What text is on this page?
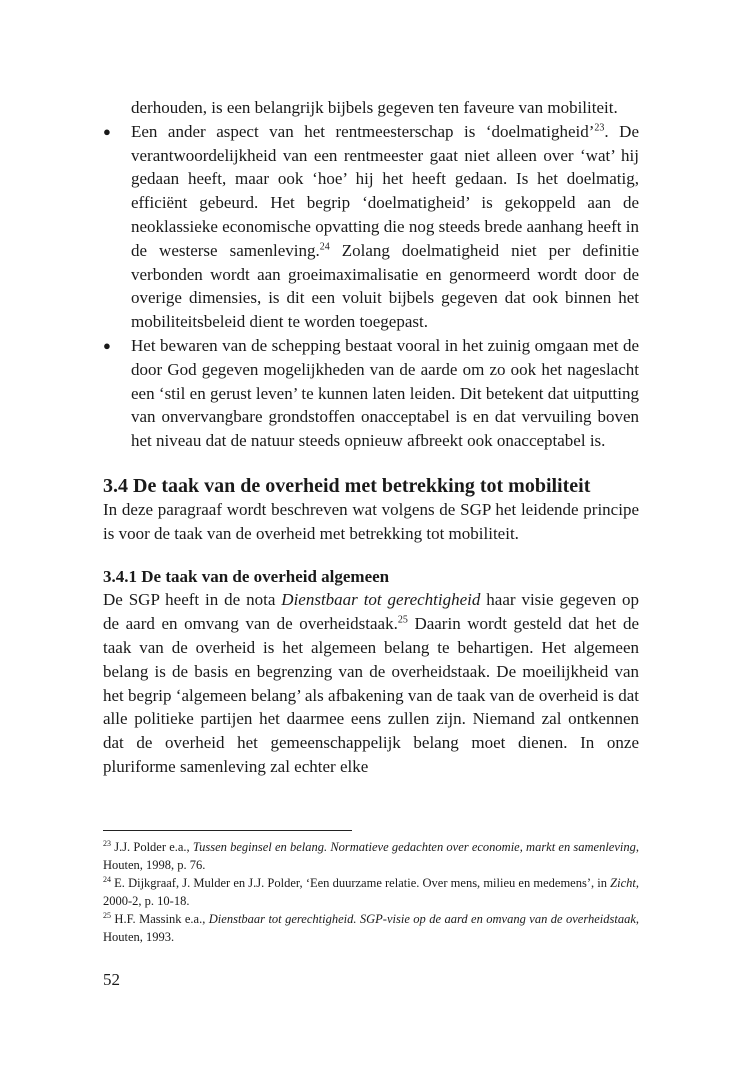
derhouden, is een belangrijk bijbels gegeven ten faveure van mobiliteit.

● Een ander aspect van het rentmeesterschap is ‘doelmatigheid’$^{23}$. De verantwoordelijkheid van een rentmeester gaat niet alleen over ‘wat’ hij gedaan heeft, maar ook ‘hoe’ hij het heeft gedaan. Is het doelmatig, efficiënt gebeurd. Het begrip ‘doelmatigheid’ is gekoppeld aan de neoklassieke economische opvatting die nog steeds brede aanhang heeft in de westerse samenleving.$^{24}$ Zolang doelmatigheid niet per definitie verbonden wordt aan groeimaximalisatie en genormeerd wordt door de overige dimensies, is dit een voluit bijbels gegeven dat ook binnen het mobiliteitsbeleid dient te worden toegepast.
● Het bewaren van de schepping bestaat vooral in het zuinig omgaan met de door God gegeven mogelijkheden van de aarde om zo ook het nageslacht een ‘stil en gerust leven’ te kunnen laten leiden. Dit betekent dat uitputting van onvervangbare grondstoffen onacceptabel is en dat vervuiling boven het niveau dat de natuur steeds opnieuw afbreekt ook onacceptabel is.
3.4 De taak van de overheid met betrekking tot mobiliteit

In deze paragraaf wordt beschreven wat volgens de SGP het leidende principe is voor de taak van de overheid met betrekking tot mobiliteit.

3.4.1 De taak van de overheid algemeen

De SGP heeft in de nota Dienstbaar tot gerechtigheid haar visie gegeven op de aard en omvang van de overheidstaak.$^{25}$ Daarin wordt gesteld dat het de taak van de overheid is het algemeen belang te behartigen. Het algemeen belang is de basis en begrenzing van de overheidstaak. De moeilijkheid van het begrip ‘algemeen belang’ als afbakening van de taak van de overheid is dat alle politieke partijen het daarmee eens zullen zijn. Niemand zal ontkennen dat de overheid het gemeenschappelijk belang moet dienen. In onze pluriforme samenleving zal echter elke

$^{23}$ J.J. Polder e.a., Tussen beginsel en belang. Normatieve gedachten over economie, markt en samenleving, Houten, 1998, p. 76.

$^{24}$ E. Dijkgraaf, J. Mulder en J.J. Polder, ‘Een duurzame relatie. Over mens, milieu en medemens’, in Zicht, 2000-2, p. 10-18.

$^{25}$ H.F. Massink e.a., Dienstbaar tot gerechtigheid. SGP-visie op de aard en omvang van de overheidstaak, Houten, 1993.

52
